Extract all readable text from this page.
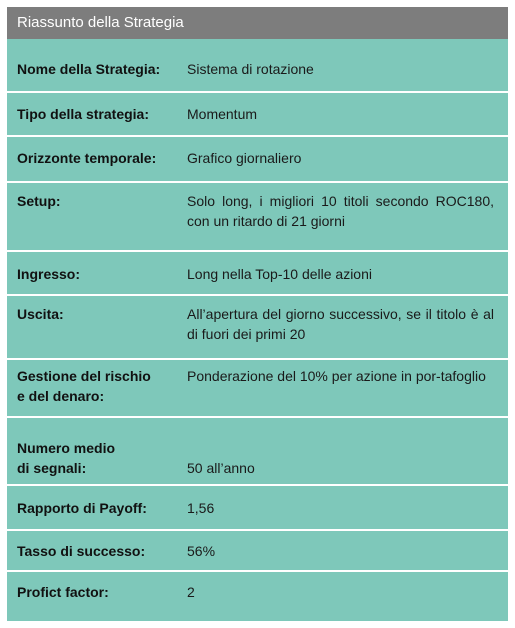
Riassunto della Strategia
Nome della Strategia:	Sistema di rotazione
Tipo della strategia:	Momentum
Orizzonte temporale:	Grafico giornaliero
Setup:	Solo long, i migliori 10 titoli secondo ROC180, con un ritardo di 21 giorni
Ingresso:	Long nella Top-10 delle azioni
Uscita:	All’apertura del giorno successivo, se il titolo è al di fuori dei primi 20
Gestione del rischio
e del denaro:
Ponderazione del 10% per azione in por-tafoglio
Numero medio
di segnali:	50 all’anno
Rapporto di Payoff:	1,56
Tasso di successo:	56%
Profict factor:	2
